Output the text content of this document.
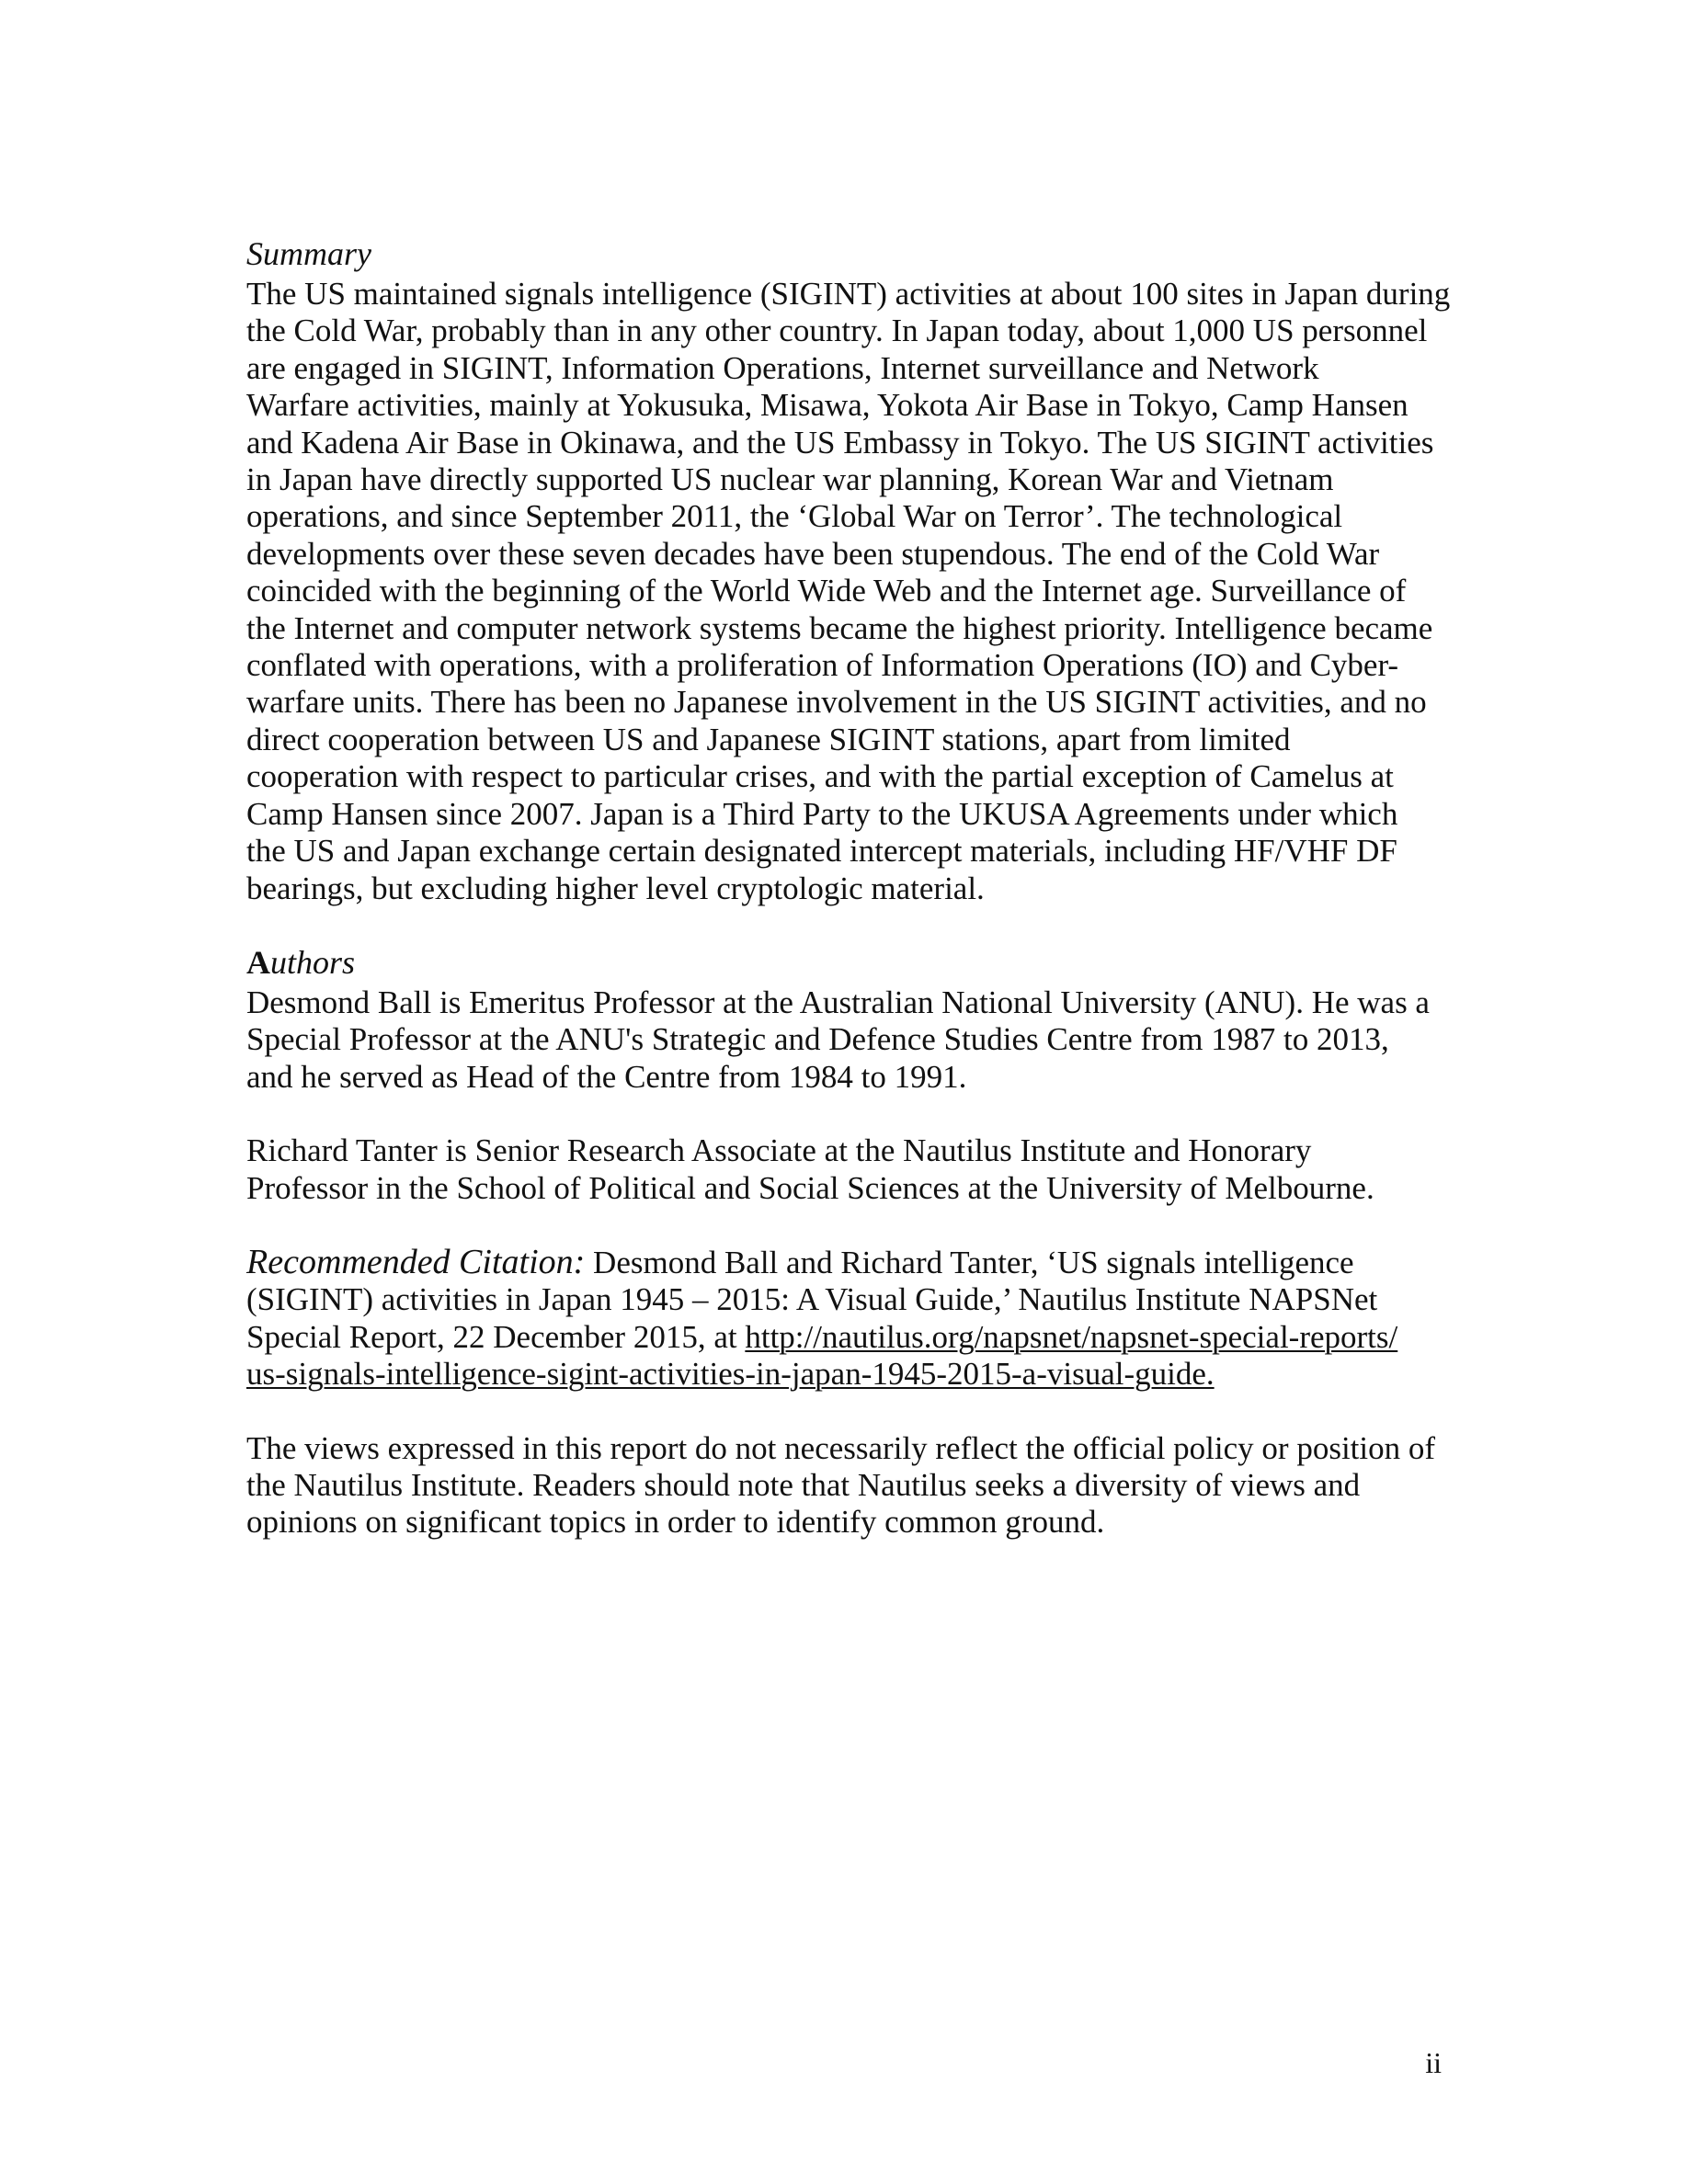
Summary
The US maintained signals intelligence (SIGINT) activities at about 100 sites in Japan during
the Cold War, probably than in any other country. In Japan today, about 1,000 US personnel
are engaged in SIGINT, Information Operations, Internet surveillance and Network
Warfare activities, mainly at Yokusuka, Misawa, Yokota Air Base in Tokyo, Camp Hansen
and Kadena Air Base in Okinawa, and the US Embassy in Tokyo. The US SIGINT activities
in Japan have directly supported US nuclear war planning, Korean War and Vietnam
operations, and since September 2011, the ‘Global War on Terror’. The technological
developments over these seven decades have been stupendous. The end of the Cold War
coincided with the beginning of the World Wide Web and the Internet age. Surveillance of
the Internet and computer network systems became the highest priority. Intelligence became
conflated with operations, with a proliferation of Information Operations (IO) and Cyber-
warfare units. There has been no Japanese involvement in the US SIGINT activities, and no
direct cooperation between US and Japanese SIGINT stations, apart from limited
cooperation with respect to particular crises, and with the partial exception of Camelus at
Camp Hansen since 2007. Japan is a Third Party to the UKUSA Agreements under which
the US and Japan exchange certain designated intercept materials, including HF/VHF DF
bearings, but excluding higher level cryptologic material.
Authors
Desmond Ball is Emeritus Professor at the Australian National University (ANU). He was a
Special Professor at the ANU's Strategic and Defence Studies Centre from 1987 to 2013,
and he served as Head of the Centre from 1984 to 1991.
Richard Tanter is Senior Research Associate at the Nautilus Institute and Honorary
Professor in the School of Political and Social Sciences at the University of Melbourne.
Recommended Citation: Desmond Ball and Richard Tanter, ‘US signals intelligence
(SIGINT) activities in Japan 1945 – 2015: A Visual Guide,’ Nautilus Institute NAPSNet
Special Report, 22 December 2015, at http://nautilus.org/napsnet/napsnet-special-reports/
us-signals-intelligence-sigint-activities-in-japan-1945-2015-a-visual-guide.
The views expressed in this report do not necessarily reflect the official policy or position of
the Nautilus Institute. Readers should note that Nautilus seeks a diversity of views and
opinions on significant topics in order to identify common ground.
ii
